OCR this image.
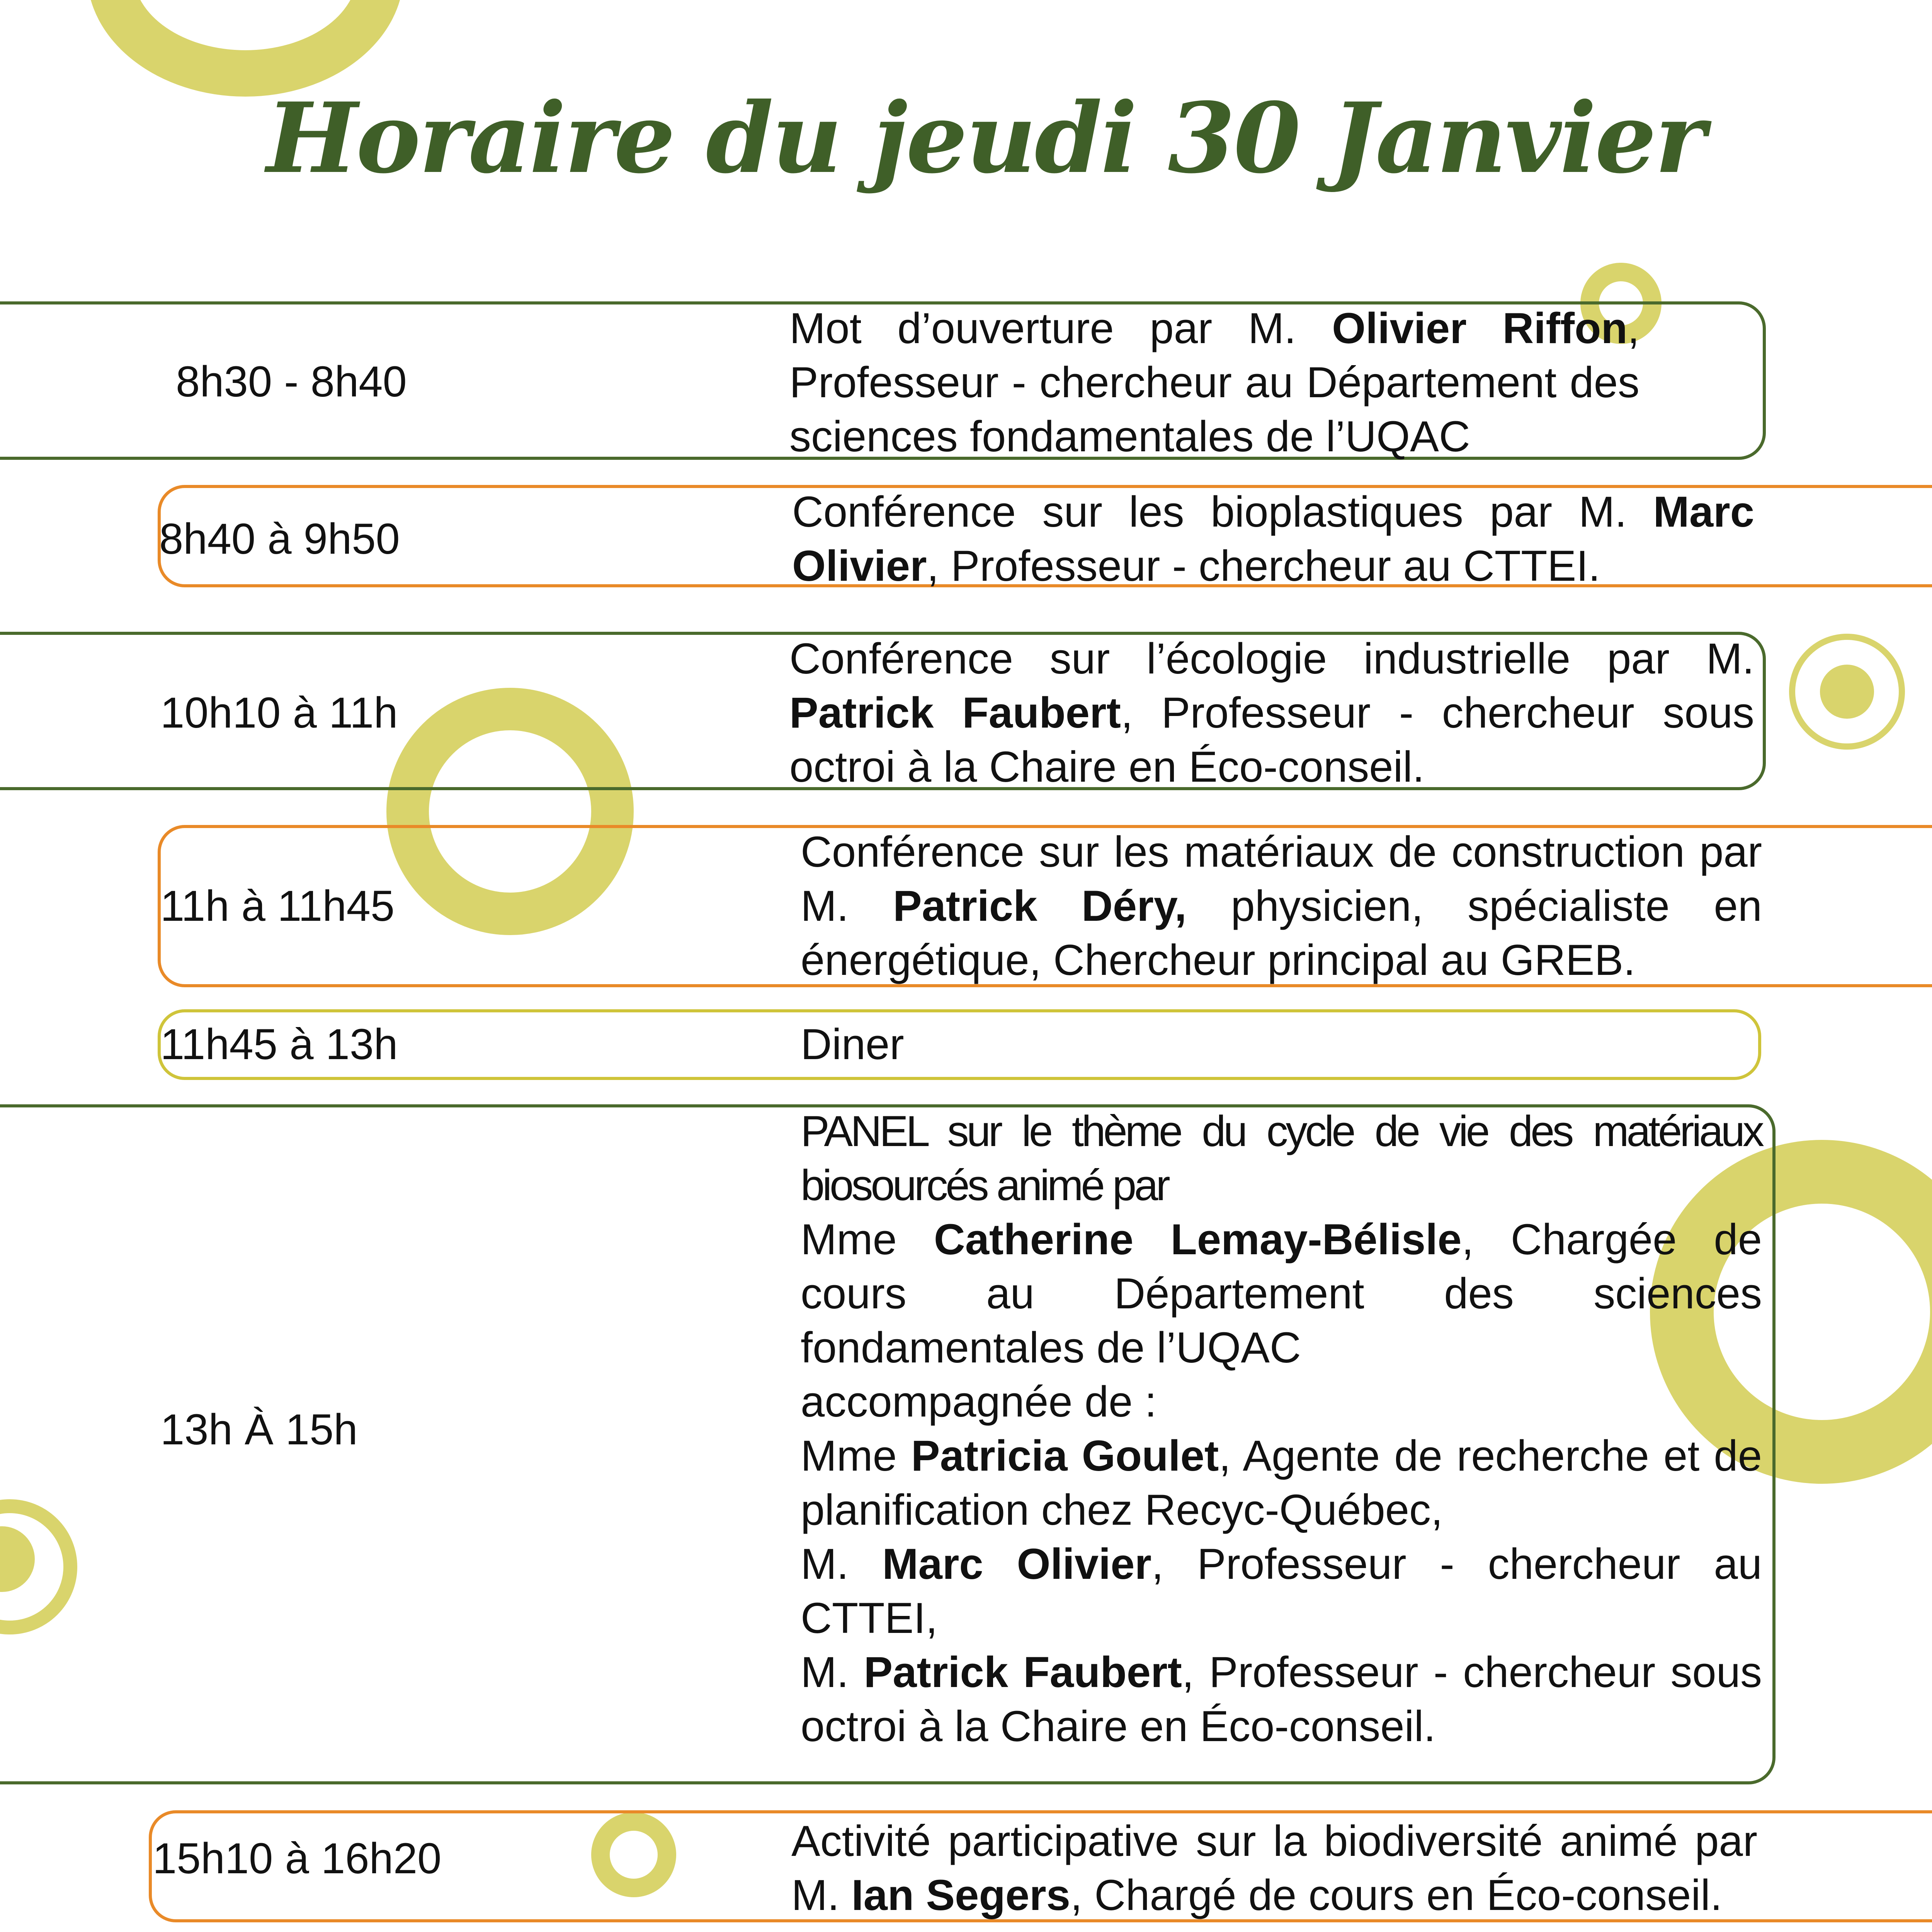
Horaire du jeudi 30 Janvier
8h30 - 8h40
Mot d’ouverture par M. Olivier Riffon, Professeur - chercheur au Département des sciences fondamentales de l’UQAC
8h40 à 9h50
Conférence sur les bioplastiques par M. Marc Olivier, Professeur - chercheur au CTTEI.
10h10 à 11h
Conférence sur l’écologie industrielle par M. Patrick Faubert, Professeur - chercheur sous octroi à la Chaire en Éco-conseil.
11h à 11h45
Conférence sur les matériaux de construction par M. Patrick Déry, physicien, spécialiste en énergétique, Chercheur principal au GREB.
11h45 à 13h	Diner
13h À 15h
PANEL sur le thème du cycle de vie des matériaux biosourcés animé par
Mme Catherine Lemay-Bélisle, Chargée de cours au Département des sciences fondamentales de l’UQAC
accompagnée de :
Mme Patricia Goulet, Agente de recherche et de planification chez Recyc-Québec,
M. Marc Olivier, Professeur - chercheur au CTTEI,
M. Patrick Faubert, Professeur - chercheur sous octroi à la Chaire en Éco-conseil.
15h10 à 16h20	Activité participative sur la biodiversité animé par M. Ian Segers, Chargé de cours en Éco-conseil.
